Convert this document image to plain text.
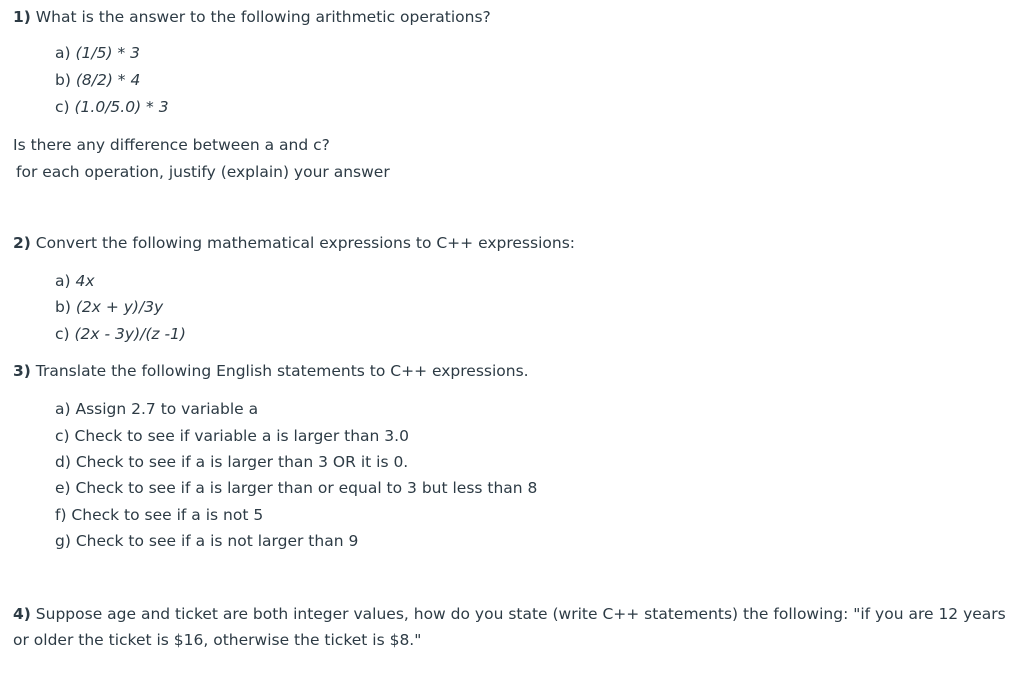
1) What is the answer to the following arithmetic operations?
a) (1/5) * 3
b) (8/2) * 4
c) (1.0/5.0) * 3
Is there any difference between a and c?
for each operation, justify (explain) your answer
2) Convert the following mathematical expressions to C++ expressions:
a) 4x
b) (2x + y)/3y
c) (2x - 3y)/(z -1)
3) Translate the following English statements to C++ expressions.
a) Assign 2.7 to variable a
c) Check to see if variable a is larger than 3.0
d) Check to see if a is larger than 3 OR it is 0.
e) Check to see if a is larger than or equal to 3 but less than 8
f) Check to see if a is not 5
g) Check to see if a is not larger than 9
4) Suppose age and ticket are both integer values, how do you state (write C++ statements) the following: "if you are 12 years or older the ticket is $16, otherwise the ticket is $8."
